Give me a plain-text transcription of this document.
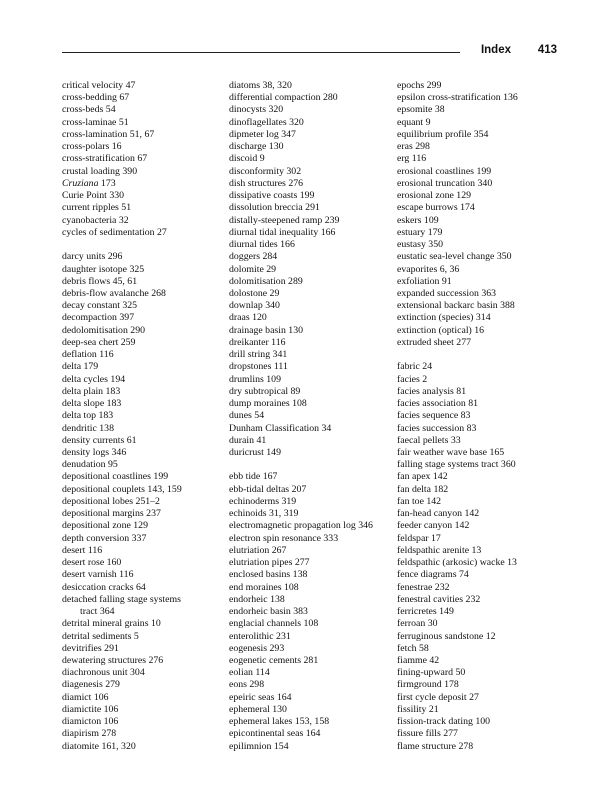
Index 413
critical velocity 47
cross-bedding 67
cross-beds 54
cross-laminae 51
cross-lamination 51, 67
cross-polars 16
cross-stratification 67
crustal loading 390
Cruziana 173
Curie Point 330
current ripples 51
cyanobacteria 32
cycles of sedimentation 27
darcy units 296
daughter isotope 325
debris flows 45, 61
debris-flow avalanche 268
decay constant 325
decompaction 397
dedolomitisation 290
deep-sea chert 259
deflation 116
delta 179
delta cycles 194
delta plain 183
delta slope 183
delta top 183
dendritic 138
density currents 61
density logs 346
denudation 95
depositional coastlines 199
depositional couplets 143, 159
depositional lobes 251–2
depositional margins 237
depositional zone 129
depth conversion 337
desert 116
desert rose 160
desert varnish 116
desiccation cracks 64
detached falling stage systems
tract 364
detrital mineral grains 10
detrital sediments 5
devitrifies 291
dewatering structures 276
diachronous unit 304
diagenesis 279
diamict 106
diamictite 106
diamicton 106
diapirism 278
diatomite 161, 320
diatoms 38, 320
differential compaction 280
dinocysts 320
dinoflagellates 320
dipmeter log 347
discharge 130
discoid 9
disconformity 302
dish structures 276
dissipative coasts 199
dissolution breccia 291
distally-steepened ramp 239
diurnal tidal inequality 166
diurnal tides 166
doggers 284
dolomite 29
dolomitisation 289
dolostone 29
downlap 340
draas 120
drainage basin 130
dreikanter 116
drill string 341
dropstones 111
drumlins 109
dry subtropical 89
dump moraines 108
dunes 54
Dunham Classification 34
durain 41
duricrust 149
ebb tide 167
ebb-tidal deltas 207
echinoderms 319
echinoids 31, 319
electromagnetic propagation log 346
electron spin resonance 333
elutriation 267
elutriation pipes 277
enclosed basins 138
end moraines 108
endorheic 138
endorheic basin 383
englacial channels 108
enterolithic 231
eogenesis 293
eogenetic cements 281
eolian 114
eons 298
epeiric seas 164
ephemeral 130
ephemeral lakes 153, 158
epicontinental seas 164
epilimnion 154
epochs 299
epsilon cross-stratification 136
epsomite 38
equant 9
equilibrium profile 354
eras 298
erg 116
erosional coastlines 199
erosional truncation 340
erosional zone 129
escape burrows 174
eskers 109
estuary 179
eustasy 350
eustatic sea-level change 350
evaporites 6, 36
exfoliation 91
expanded succession 363
extensional backarc basin 388
extinction (species) 314
extinction (optical) 16
extruded sheet 277
fabric 24
facies 2
facies analysis 81
facies association 81
facies sequence 83
facies succession 83
faecal pellets 33
fair weather wave base 165
falling stage systems tract 360
fan apex 142
fan delta 182
fan toe 142
fan-head canyon 142
feeder canyon 142
feldspar 17
feldspathic arenite 13
feldspathic (arkosic) wacke 13
fence diagrams 74
fenestrae 232
fenestral cavities 232
ferricretes 149
ferroan 30
ferruginous sandstone 12
fetch 58
fiamme 42
fining-upward 50
firmground 178
first cycle deposit 27
fissility 21
fission-track dating 100
fissure fills 277
flame structure 278
